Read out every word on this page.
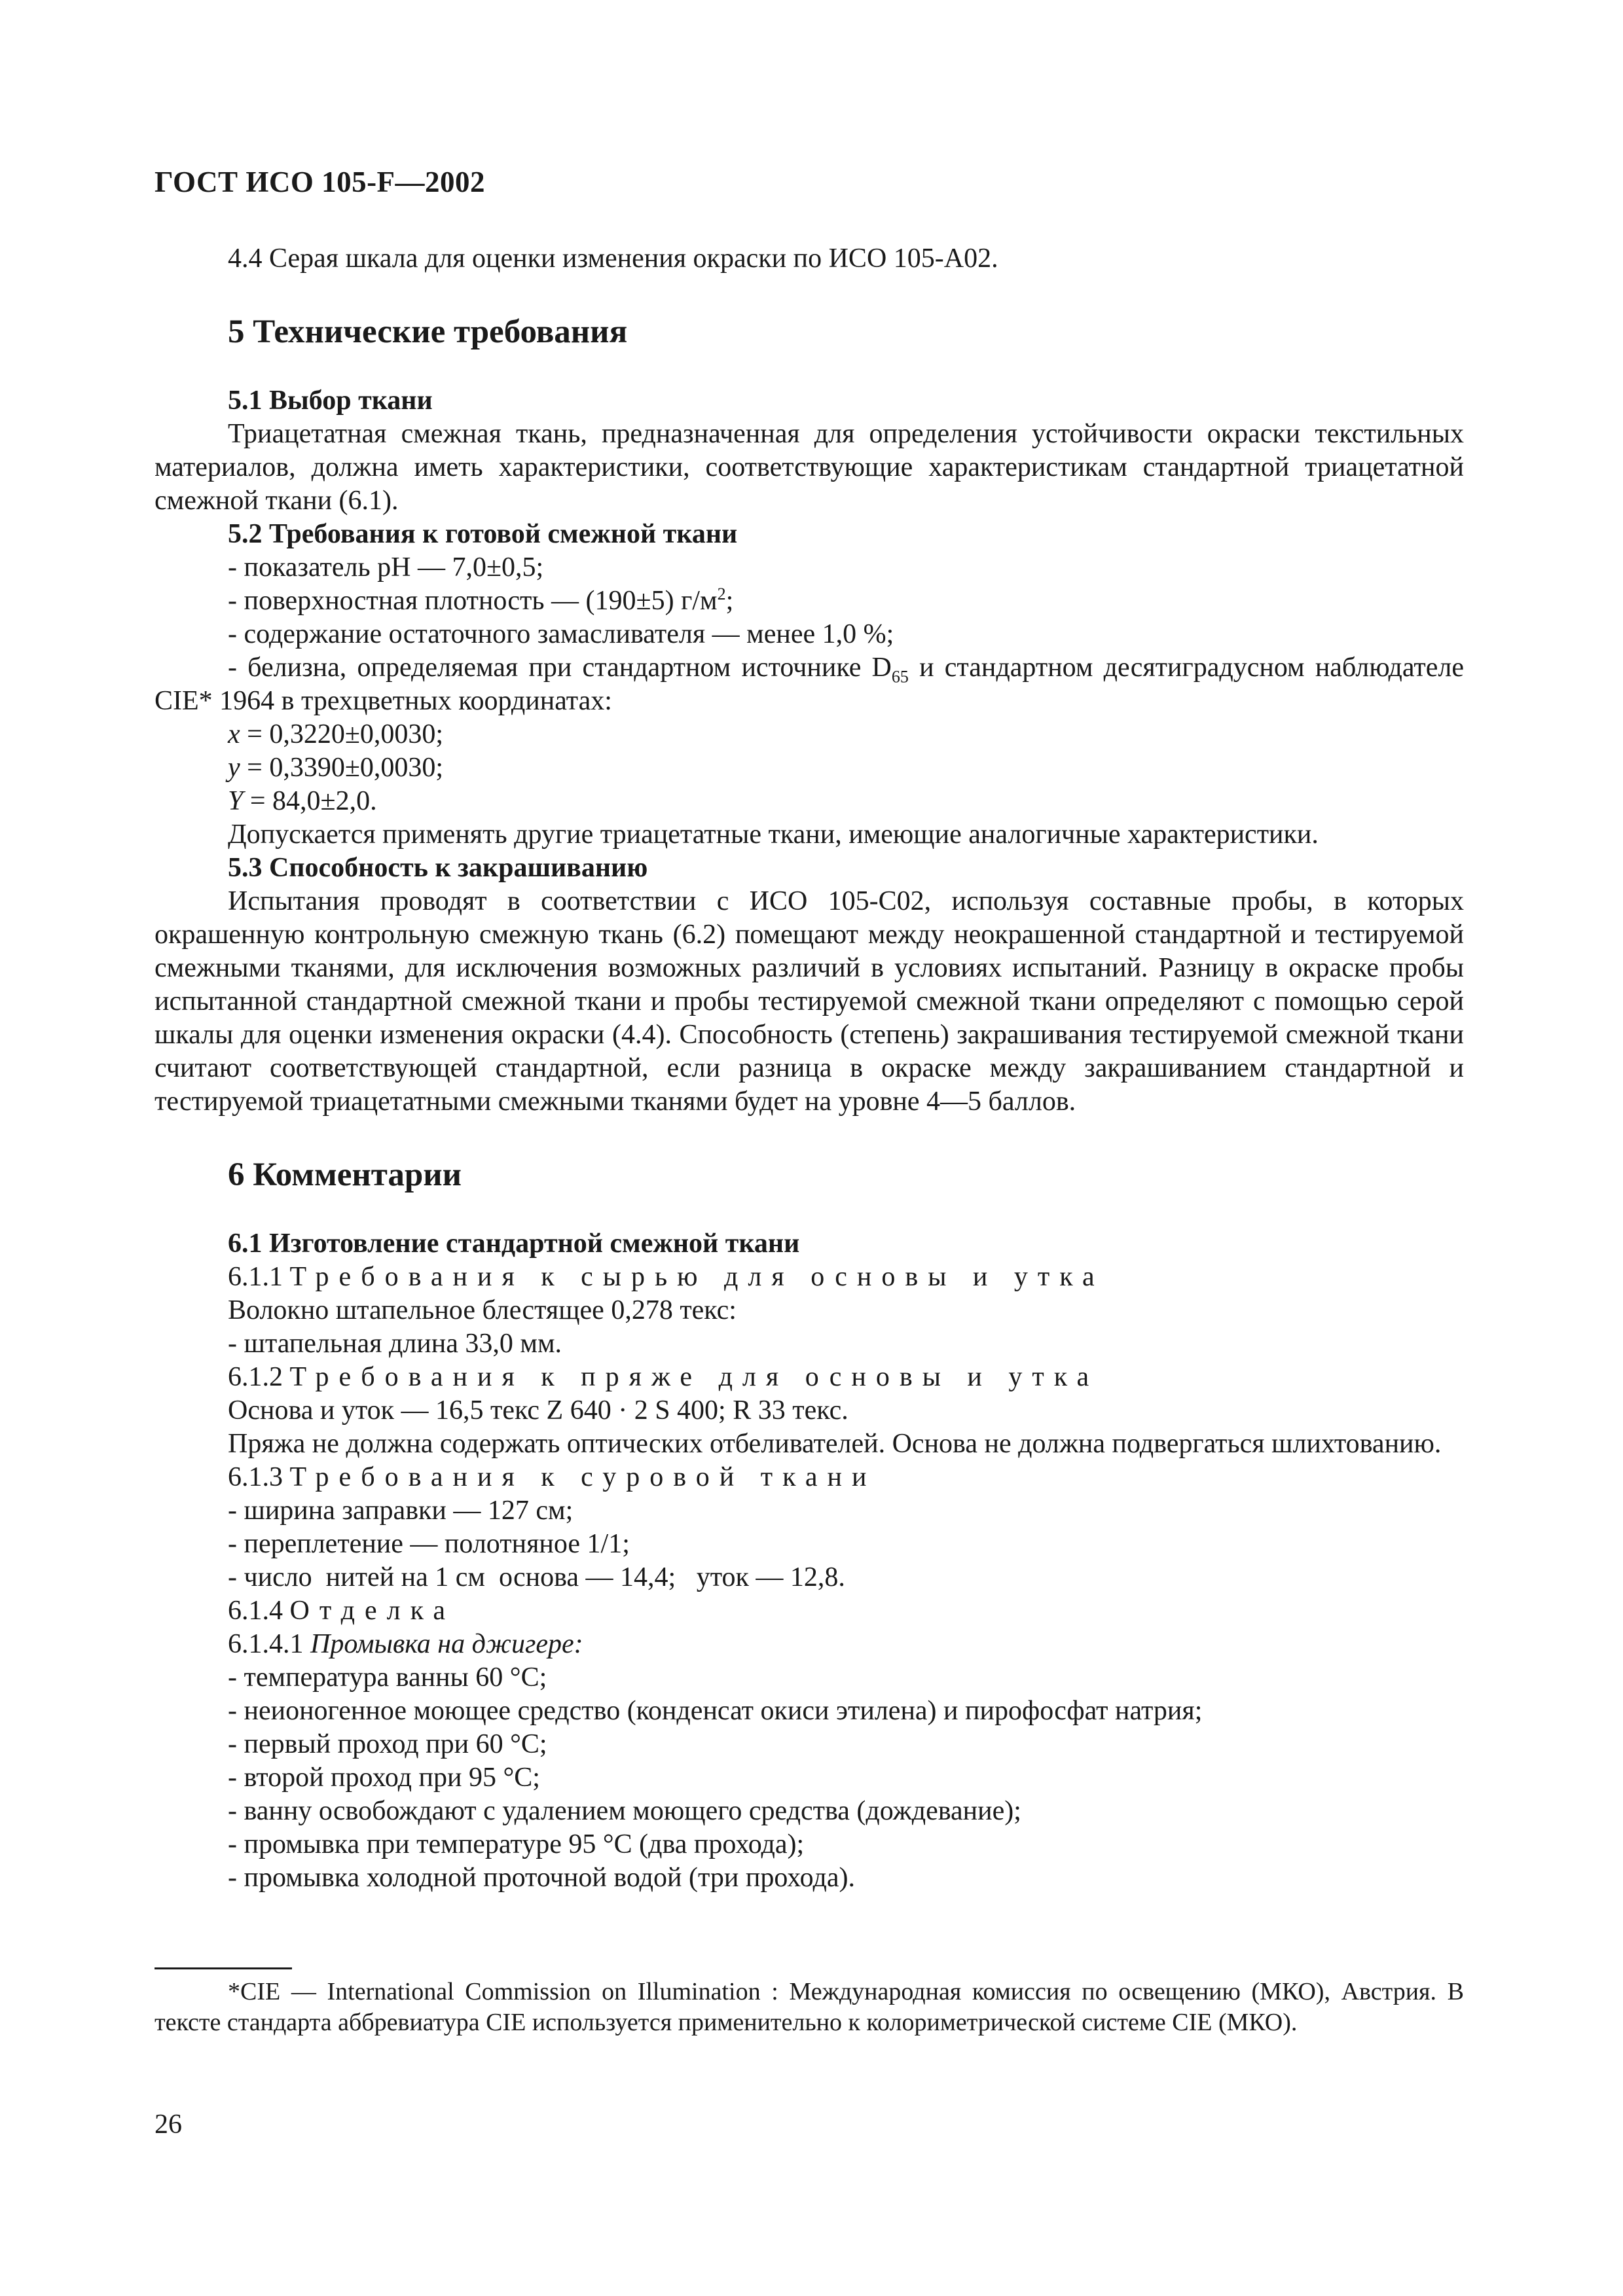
ГОСТ ИСО 105-F—2002

4.4 Серая шкала для оценки изменения окраски по ИСО 105-А02.

5 Технические требования
5.1 Выбор ткани

Триацетатная смежная ткань, предназначенная для определения устойчивости окраски текстильных материалов, должна иметь характеристики, соответствующие характеристикам стандартной триацетатной смежной ткани (6.1).

5.2 Требования к готовой смежной ткани

- показатель рН — 7,0±0,5;

- поверхностная плотность — (190±5) $г/м^2$;

- содержание остаточного замасливателя — менее 1,0 %;

- белизна, определяемая при стандартном источнике $D_{65}$ и стандартном десятиградусном наблюдателе CIE* 1964 в трехцветных координатах:

x = 0,3220±0,0030;

y = 0,3390±0,0030;

Y = 84,0±2,0.

Допускается применять другие триацетатные ткани, имеющие аналогичные характеристики.

5.3 Способность к закрашиванию

Испытания проводят в соответствии с ИСО 105-С02, используя составные пробы, в которых окрашенную контрольную смежную ткань (6.2) помещают между неокрашенной стандартной и тестируемой смежными тканями, для исключения возможных различий в условиях испытаний. Разницу в окраске пробы испытанной стандартной смежной ткани и пробы тестируемой смежной ткани определяют с помощью серой шкалы для оценки изменения окраски (4.4). Способность (степень) закрашивания тестируемой смежной ткани считают соответствующей стандартной, если разница в окраске между закрашиванием стандартной и тестируемой триацетатными смежными тканями будет на уровне 4—5 баллов.

6 Комментарии
6.1 Изготовление стандартной смежной ткани

6.1.1 Требования к сырью для основы и утка

Волокно штапельное блестящее 0,278 текс:

- штапельная длина 33,0 мм.

6.1.2 Требования к пряже для основы и утка

Основа и уток — 16,5 текс Z 640 · 2 S 400; R 33 текс.

Пряжа не должна содержать оптических отбеливателей. Основа не должна подвергаться шлихтованию.

6.1.3 Требования к суровой ткани

- ширина заправки — 127 см;

- переплетение — полотняное 1/1;

- число  нитей на 1 см  основа — 14,4;   уток — 12,8.

6.1.4 Отделка

6.1.4.1 Промывка на джигере:

- температура ванны 60 °С;

- неионогенное моющее средство (конденсат окиси этилена) и пирофосфат натрия;

- первый проход при 60 °С;

- второй проход при 95 °С;

- ванну освобождают с удалением моющего средства (дождевание);

- промывка при температуре 95 °С (два прохода);

- промывка холодной проточной водой (три прохода).

*CIE — International Commission on Illumination : Международная комиссия по освещению (МКО), Австрия. В тексте стандарта аббревиатура CIE используется применительно к колориметрической системе CIE (МКО).

26
